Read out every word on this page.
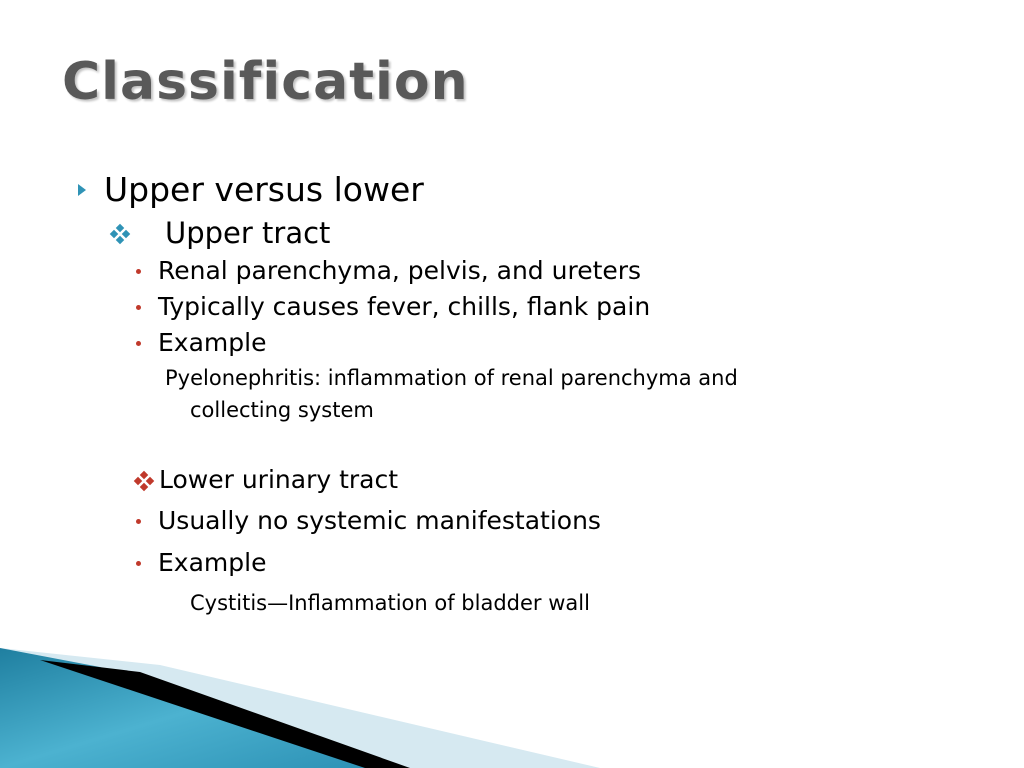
Classification
Upper versus lower
Upper tract
Renal parenchyma, pelvis, and ureters
Typically causes fever, chills, flank pain
Example
Pyelonephritis: inflammation of renal parenchyma and
collecting system
Lower urinary tract
Usually no systemic manifestations
Example
Cystitis—Inflammation of bladder wall
